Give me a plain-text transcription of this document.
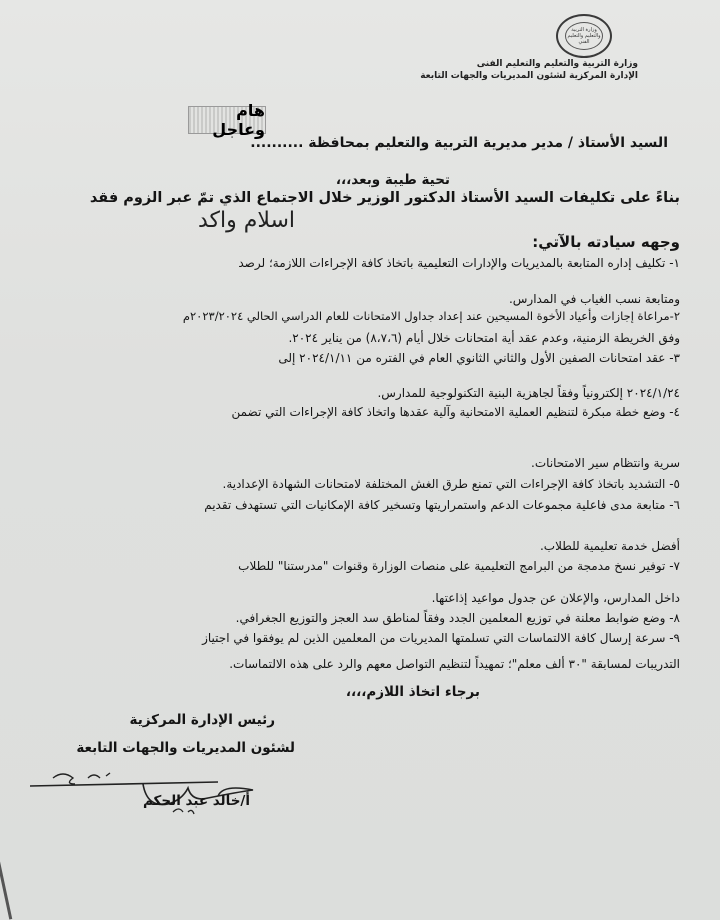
وزارة التربية والتعليم والتعليم الفني
وزارة التربية والتعليم والتعليم الفنى
الإدارة المركزية لشئون المديريات والجهات التابعة
هام وعاجل
السيد الأستاذ / مدير مديرية التربية والتعليم بمحافظة ..........
تحية طيبة وبعد،،،
بناءً على تكليفات السيد الأستاذ الدكتور الوزير خلال الاجتماع الذي تمّ عبر الزوم فقد
اسلام واكد
وجهه سيادته بالآتي:
١- تكليف إداره المتابعة بالمديريات والإدارات التعليمية باتخاذ كافة الإجراءات اللازمة؛ لرصد
ومتابعة نسب الغياب في المدارس.
٢-مراعاة إجازات وأعياد الأخوة المسيحين عند إعداد جداول الامتحانات للعام الدراسي الحالي ٢٠٢٣/٢٠٢٤م
وفق الخريطة الزمنية، وعدم عقد أية امتحانات خلال أيام (٨،٧،٦) من يناير ٢٠٢٤.
٣- عقد امتحانات الصفين الأول والثاني الثانوي العام في الفتره من ٢٠٢٤/١/١١ إلى
٢٠٢٤/١/٢٤ إلكترونياً وفقاً لجاهزية البنية التكنولوجية للمدارس.
٤- وضع خطة مبكرة لتنظيم العملية الامتحانية وآلية عقدها واتخاذ كافة الإجراءات التي تضمن
سرية وانتظام سير الامتحانات.
٥- التشديد باتخاذ كافة الإجراءات التي تمنع طرق الغش المختلفة لامتحانات الشهادة الإعدادية.
٦- متابعة مدى فاعلية مجموعات الدعم واستمراريتها وتسخير كافة الإمكانيات التي تستهدف تقديم
أفضل خدمة تعليمية للطلاب.
٧- توفير نسخ مدمجة من البرامج التعليمية على منصات الوزارة وقنوات "مدرستنا" للطلاب
داخل المدارس، والإعلان عن جدول مواعيد إذاعتها.
٨- وضع ضوابط معلنة في توزيع المعلمين الجدد وفقاً لمناطق سد العجز والتوزيع الجغرافي.
٩- سرعة إرسال كافة الالتماسات التي تسلمتها المديريات من المعلمين الذين لم يوفقوا في اجتياز
التدريبات لمسابقة "٣٠ ألف معلم"؛ تمهيداً لتنظيم التواصل معهم والرد على هذه الالتماسات.
برجاء اتخاذ اللازم،،،،
رئيس الإدارة المركزية
لشئون المديريات والجهات التابعة
أ/خالد عبد الحكم
